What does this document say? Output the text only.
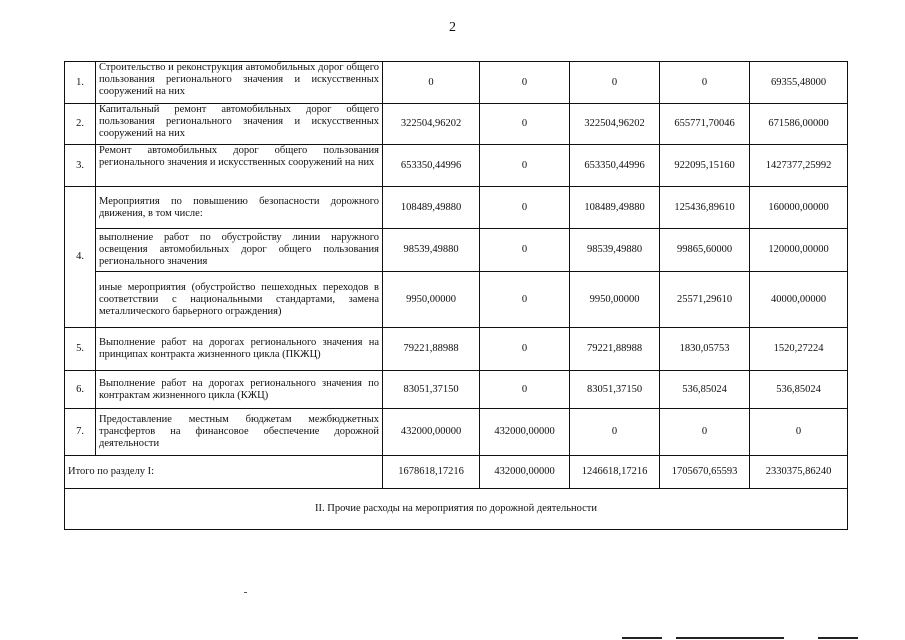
2
1.	Строительство и реконструкция автомобильных дорог общего пользования регионального значения и искусственных сооружений на них	0	0	0	0	69355,48000
2.	Капитальный ремонт автомобильных дорог общего пользования регионального значения и искусственных сооружений на них	322504,96202	0	322504,96202	655771,70046	671586,00000
3.	Ремонт автомобильных дорог общего пользования регионального значения и искусственных сооружений на них	653350,44996	0	653350,44996	922095,15160	1427377,25992
4.	Мероприятия по повышению безопасности дорожного движения, в том числе:	108489,49880	0	108489,49880	125436,89610	160000,00000
	выполнение работ по обустройству линии наружного освещения автомобильных дорог общего пользования регионального значения	98539,49880	0	98539,49880	99865,60000	120000,00000
	иные мероприятия (обустройство пешеходных переходов в соответствии с национальными стандартами, замена металлического барьерного ограждения)	9950,00000	0	9950,00000	25571,29610	40000,00000
5.	Выполнение работ на дорогах регионального значения на принципах контракта жизненного цикла (ПКЖЦ)	79221,88988	0	79221,88988	1830,05753	1520,27224
6.	Выполнение работ на дорогах регионального значения по контрактам жизненного цикла (КЖЦ)	83051,37150	0	83051,37150	536,85024	536,85024
7.	Предоставление местным бюджетам межбюджетных трансфертов на финансовое обеспечение дорожной деятельности	432000,00000	432000,00000	0	0	0
Итого по разделу I:		1678618,17216	432000,00000	1246618,17216	1705670,65593	2330375,86240
II. Прочие расходы на мероприятия по дорожной деятельности						
